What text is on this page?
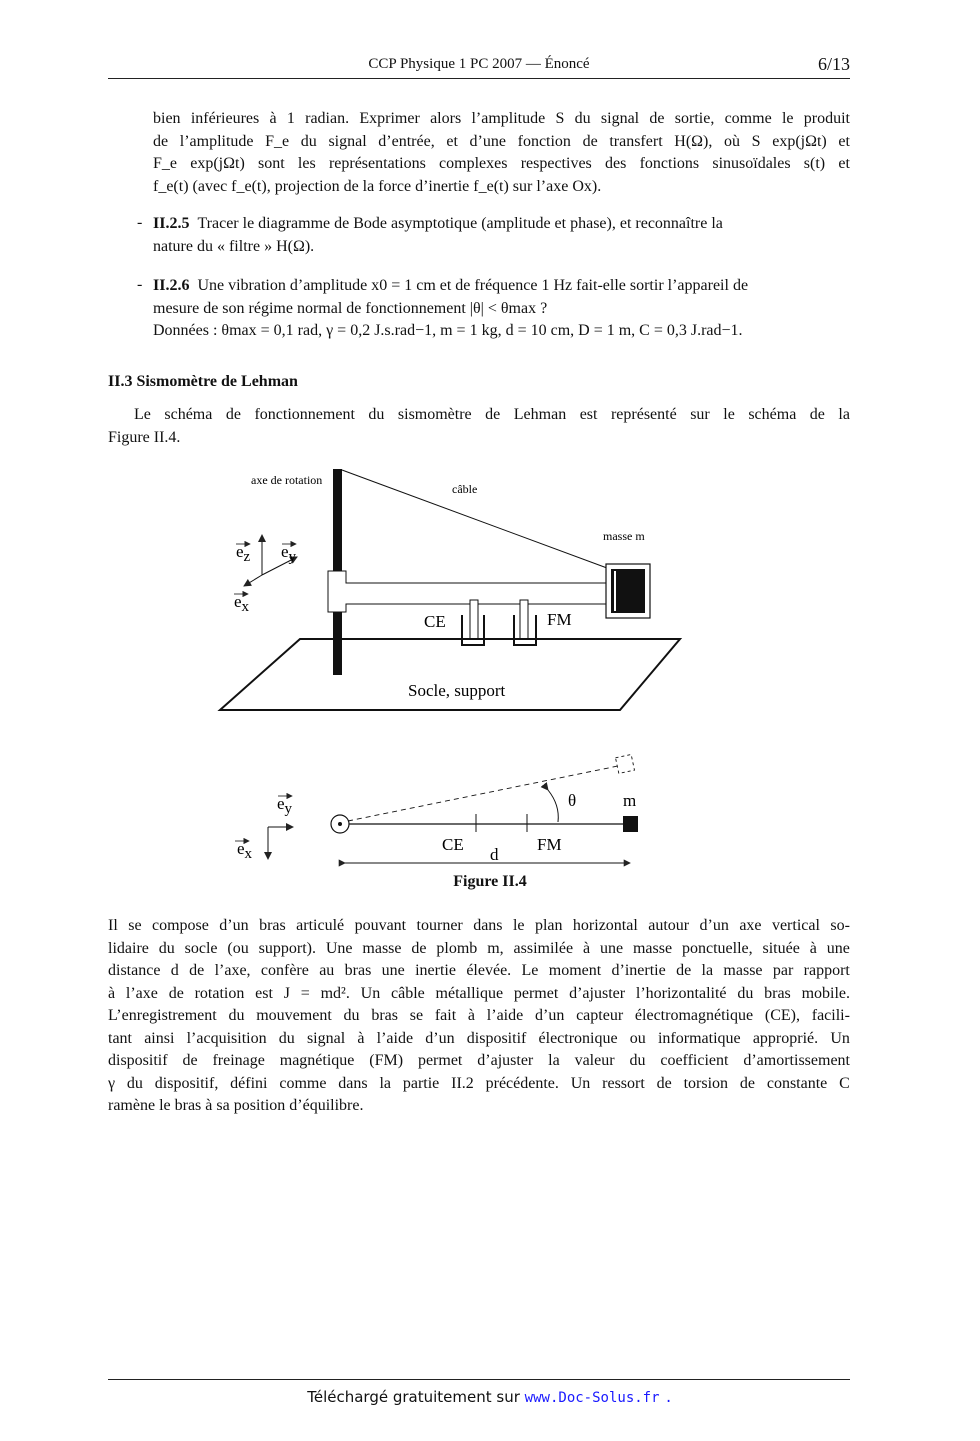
CCP Physique 1 PC 2007 — Énoncé	6/13
bien inférieures à 1 radian. Exprimer alors l’amplitude S du signal de sortie, comme le produit
de l’amplitude F_e du signal d’entrée, et d’une fonction de transfert H(Ω), où S exp(jΩt) et
F_e exp(jΩt) sont les représentations complexes respectives des fonctions sinusoïdales s(t) et
f_e(t) (avec f_e(t), projection de la force d’inertie f_e(t) sur l’axe Ox).
- II.2.5 Tracer le diagramme de Bode asymptotique (amplitude et phase), et reconnaître la
nature du « filtre » H(Ω).
- II.2.6 Une vibration d’amplitude x0 = 1 cm et de fréquence 1 Hz fait-elle sortir l’appareil de
mesure de son régime normal de fonctionnement |θ| < θmax ?
Données : θmax = 0,1 rad, γ = 0,2 J.s.rad−1, m = 1 kg, d = 10 cm, D = 1 m, C = 0,3 J.rad−1.
II.3 Sismomètre de Lehman
Le schéma de fonctionnement du sismomètre de Lehman est représenté sur le schéma de la
Figure II.4.
Socle, support
axe de rotation
câble
masse m
CE	FM
ez ey
ex
θ	m
CE	FM
d
ey
ex
Figure II.4
Il se compose d’un bras articulé pouvant tourner dans le plan horizontal autour d’un axe vertical so-
lidaire du socle (ou support). Une masse de plomb m, assimilée à une masse ponctuelle, située à une
distance d de l’axe, confère au bras une inertie élevée. Le moment d’inertie de la masse par rapport
à l’axe de rotation est J = md². Un câble métallique permet d’ajuster l’horizontalité du bras mobile.
L’enregistrement du mouvement du bras se fait à l’aide d’un capteur électromagnétique (CE), facili-
tant ainsi l’acquisition du signal à l’aide d’un dispositif électronique ou informatique approprié. Un
dispositif de freinage magnétique (FM) permet d’ajuster la valeur du coefficient d’amortissement
γ du dispositif, défini comme dans la partie II.2 précédente. Un ressort de torsion de constante C
ramène le bras à sa position d’équilibre.
Téléchargé gratuitement sur www.Doc-Solus.fr .
